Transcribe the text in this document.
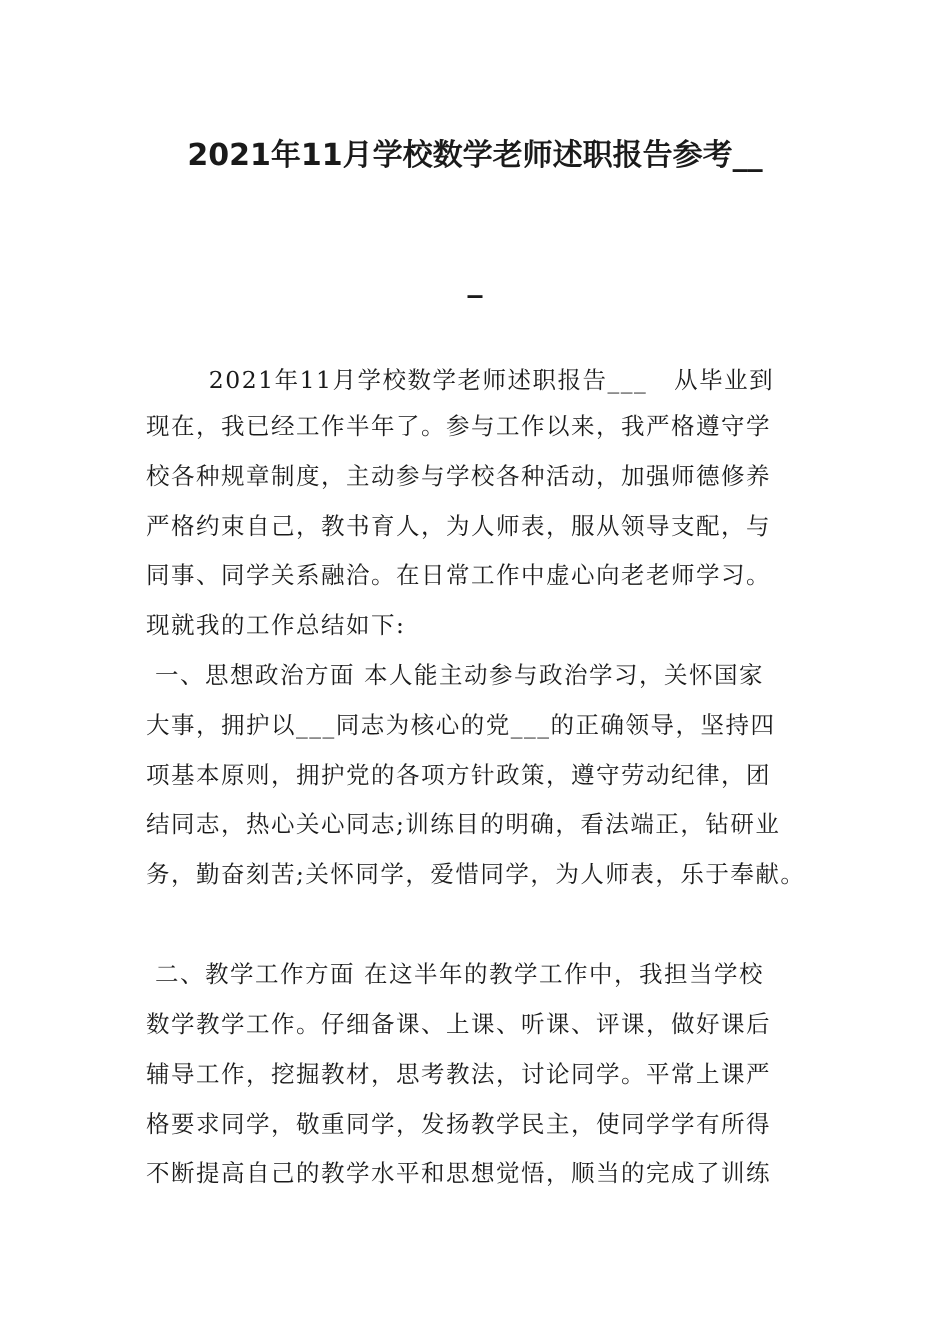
2021年11月学校数学老师述职报告参考__
_
2021年11月学校数学老师述职报告___   从毕业到
现在，我已经工作半年了。参与工作以来，我严格遵守学
校各种规章制度，主动参与学校各种活动，加强师德修养
严格约束自己，教书育人，为人师表，服从领导支配，与
同事、同学关系融洽。在日常工作中虚心向老老师学习。
现就我的工作总结如下:
一、思想政治方面 本人能主动参与政治学习，关怀国家
大事，拥护以___同志为核心的党___的正确领导，坚持四
项基本原则，拥护党的各项方针政策，遵守劳动纪律，团
结同志，热心关心同志;训练目的明确，看法端正，钻研业
务，勤奋刻苦;关怀同学，爱惜同学，为人师表，乐于奉献。
二、教学工作方面 在这半年的教学工作中，我担当学校
数学教学工作。仔细备课、上课、听课、评课，做好课后
辅导工作，挖掘教材，思考教法，讨论同学。平常上课严
格要求同学，敬重同学，发扬教学民主，使同学学有所得
不断提高自己的教学水平和思想觉悟，顺当的完成了训练
